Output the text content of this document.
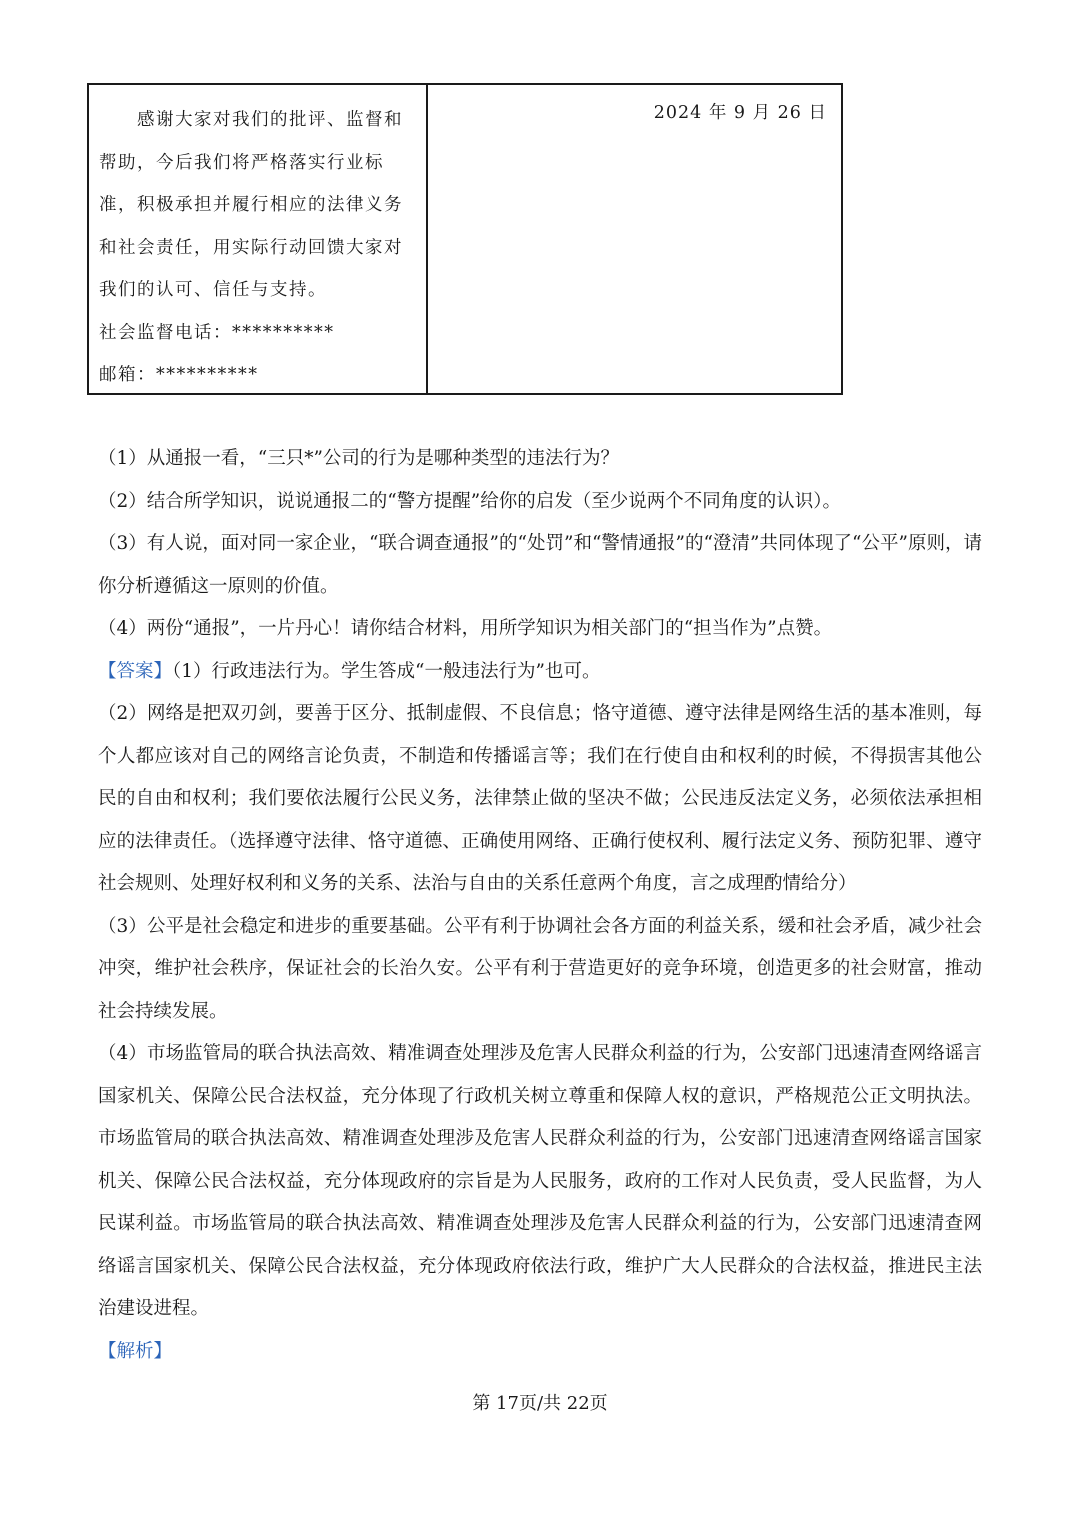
感谢大家对我们的批评、监督和帮助，今后我们将严格落实行业标准，积极承担并履行相应的法律义务和社会责任，用实际行动回馈大家对我们的认可、信任与支持。

社会监督电话：**********

邮箱：**********

2024 年 9 月 26 日

（1）从通报一看，“三只*”公司的行为是哪种类型的违法行为？

（2）结合所学知识，说说通报二的“警方提醒”给你的启发（至少说两个不同角度的认识）。

（3）有人说，面对同一家企业，“联合调查通报”的“处罚”和“警情通报”的“澄清”共同体现了“公平”原则，请你分析遵循这一原则的价值。

（4）两份“通报”，一片丹心！请你结合材料，用所学知识为相关部门的“担当作为”点赞。

【答案】（1）行政违法行为。学生答成“一般违法行为”也可。

（2）网络是把双刃剑，要善于区分、抵制虚假、不良信息；恪守道德、遵守法律是网络生活的基本准则，每个人都应该对自己的网络言论负责，不制造和传播谣言等；我们在行使自由和权利的时候，不得损害其他公民的自由和权利；我们要依法履行公民义务，法律禁止做的坚决不做；公民违反法定义务，必须依法承担相应的法律责任。（选择遵守法律、恪守道德、正确使用网络、正确行使权利、履行法定义务、预防犯罪、遵守社会规则、处理好权利和义务的关系、法治与自由的关系任意两个角度，言之成理酌情给分）

（3）公平是社会稳定和进步的重要基础。公平有利于协调社会各方面的利益关系，缓和社会矛盾，减少社会冲突，维护社会秩序，保证社会的长治久安。公平有利于营造更好的竞争环境，创造更多的社会财富，推动社会持续发展。

（4）市场监管局的联合执法高效、精准调查处理涉及危害人民群众利益的行为，公安部门迅速清查网络谣言国家机关、保障公民合法权益，充分体现了行政机关树立尊重和保障人权的意识，严格规范公正文明执法。市场监管局的联合执法高效、精准调查处理涉及危害人民群众利益的行为，公安部门迅速清查网络谣言国家机关、保障公民合法权益，充分体现政府的宗旨是为人民服务，政府的工作对人民负责，受人民监督，为人民谋利益。市场监管局的联合执法高效、精准调查处理涉及危害人民群众利益的行为，公安部门迅速清查网络谣言国家机关、保障公民合法权益，充分体现政府依法行政，维护广大人民群众的合法权益，推进民主法治建设进程。

【解析】

第 17页/共 22页
